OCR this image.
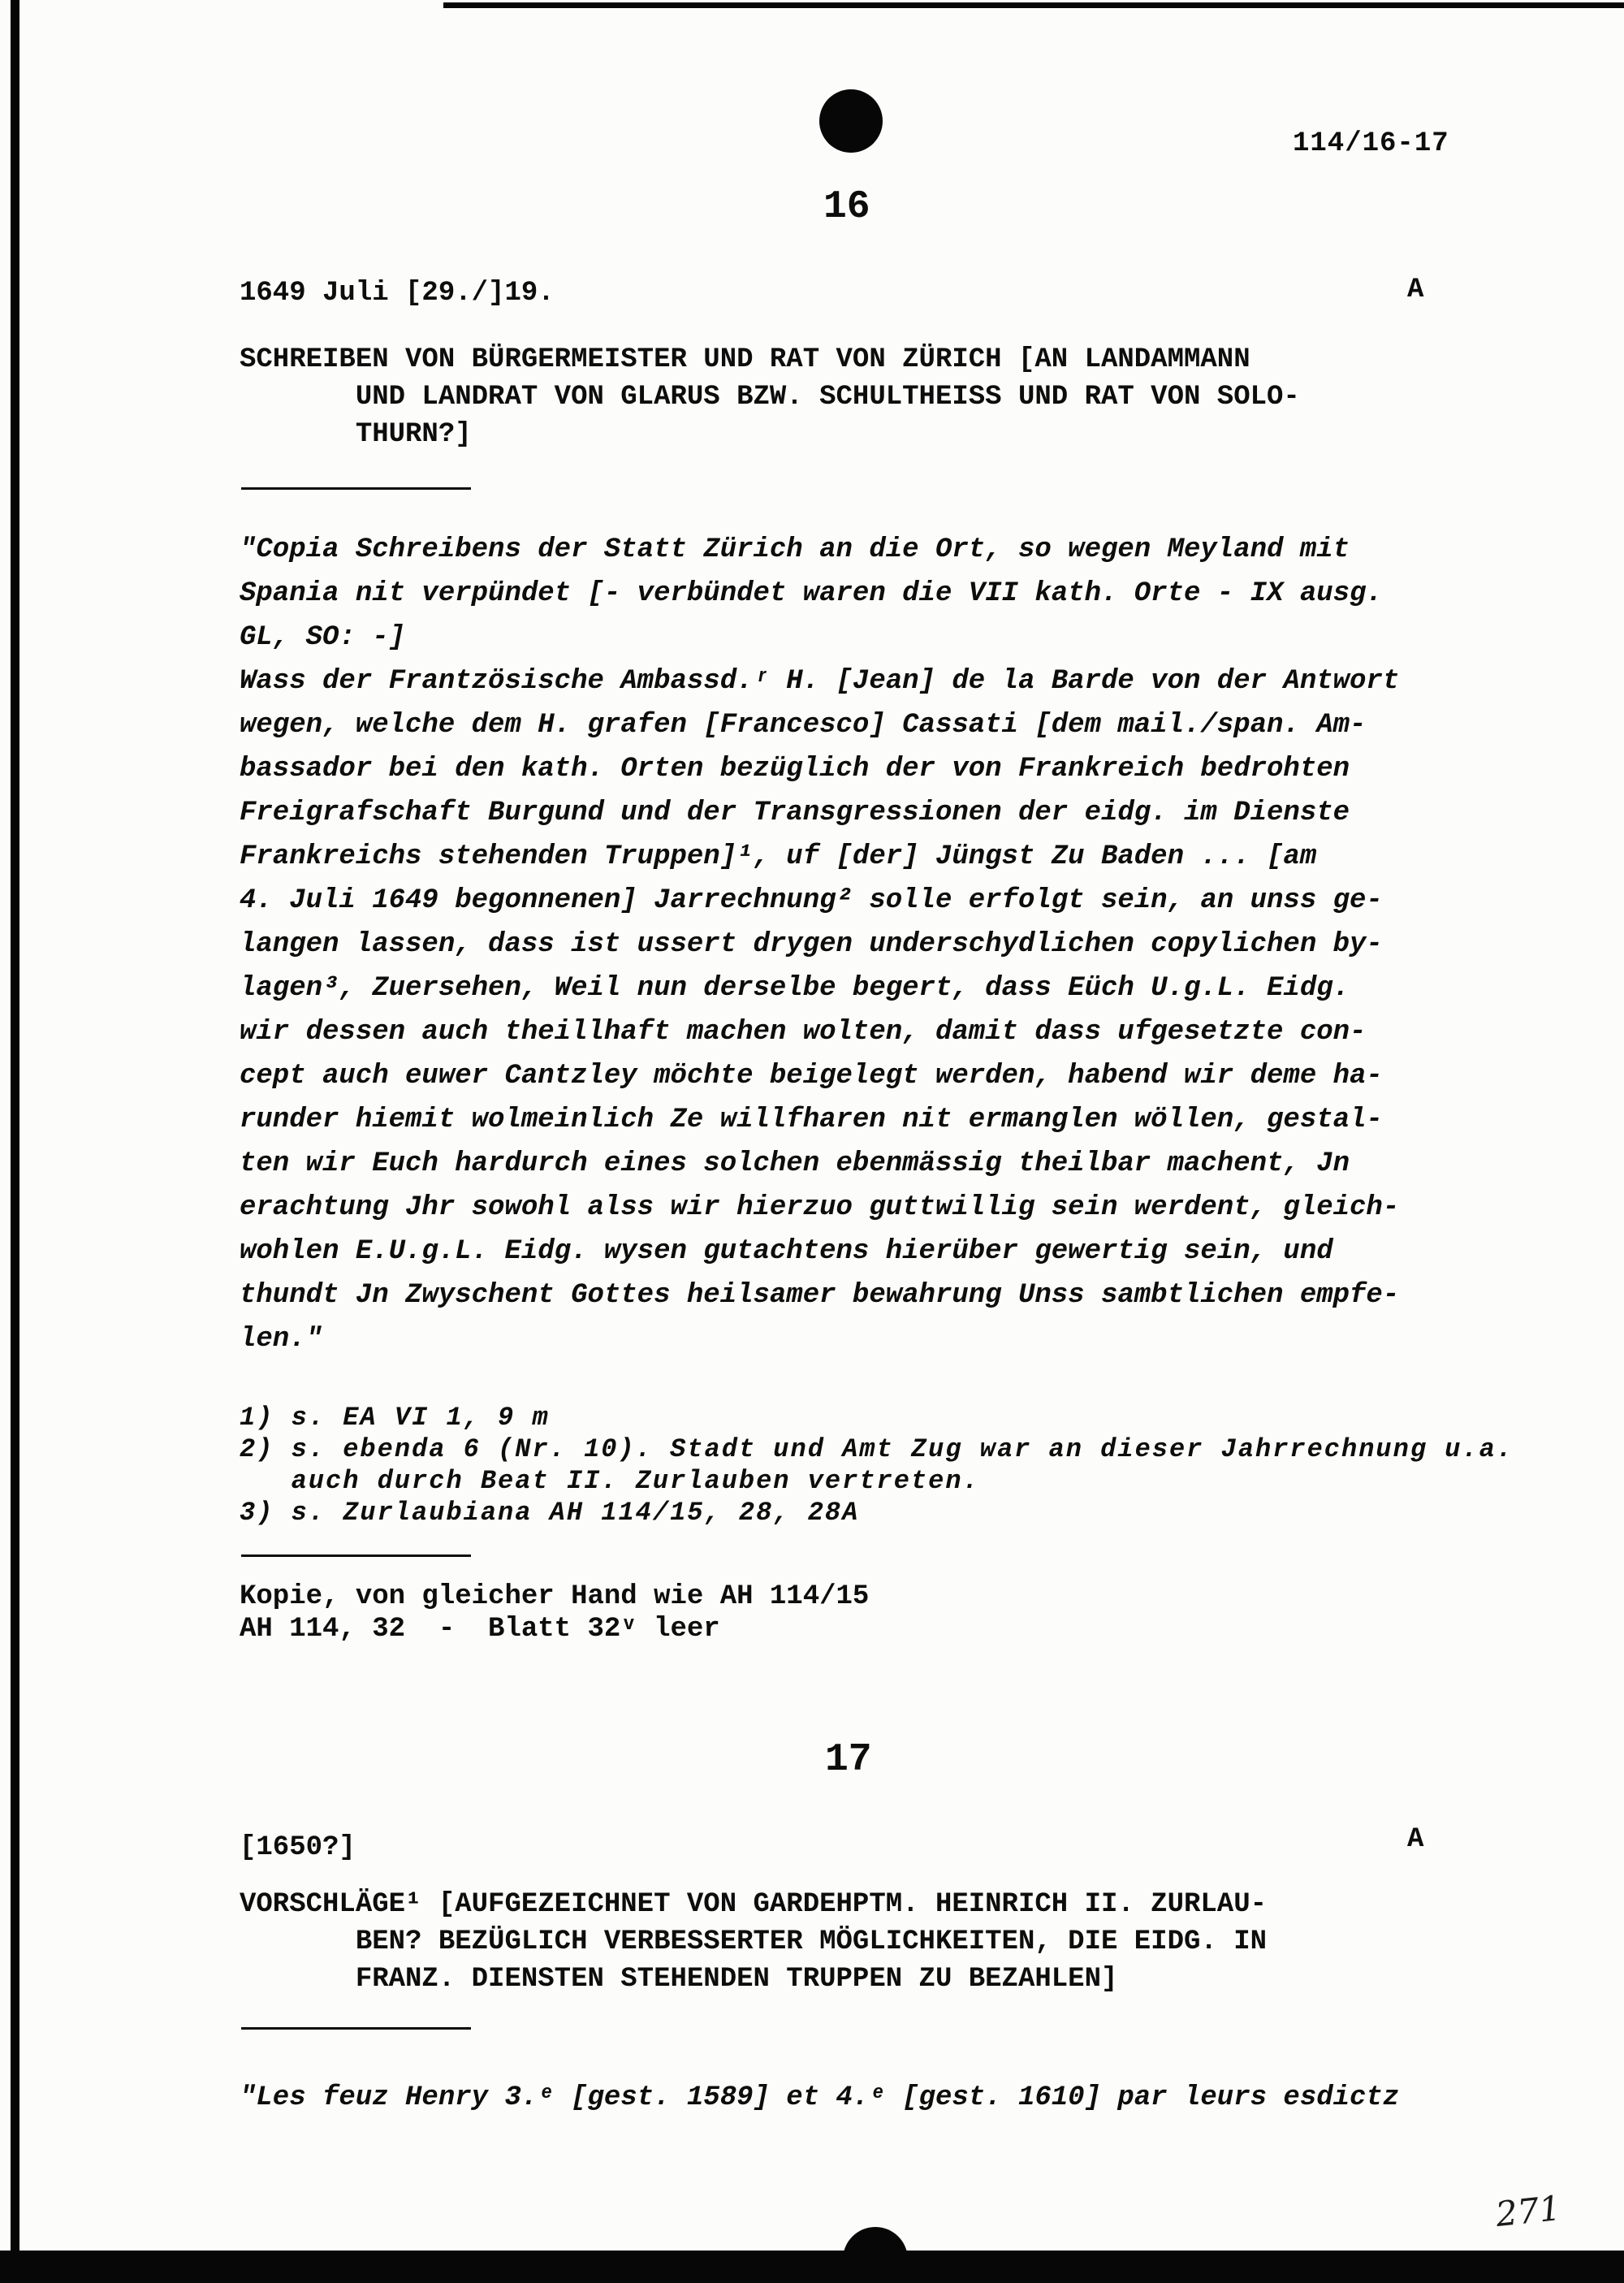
114/16-17
16
1649 Juli [29./]19.	A
SCHREIBEN VON BÜRGERMEISTER UND RAT VON ZÜRICH [AN LANDAMMANN
UND LANDRAT VON GLARUS BZW. SCHULTHEISS UND RAT VON SOLO-
THURN?]
"Copia Schreibens der Statt Zürich an die Ort, so wegen Meyland mit
Spania nit verpündet [- verbündet waren die VII kath. Orte - IX ausg.
GL, SO: -]
Wass der Frantzösische Ambassd.ʳ H. [Jean] de la Barde von der Antwort
wegen, welche dem H. grafen [Francesco] Cassati [dem mail./span. Am-
bassador bei den kath. Orten bezüglich der von Frankreich bedrohten
Freigrafschaft Burgund und der Transgressionen der eidg. im Dienste
Frankreichs stehenden Truppen]¹, uf [der] Jüngst Zu Baden ... [am
4. Juli 1649 begonnenen] Jarrechnung² solle erfolgt sein, an unss ge-
langen lassen, dass ist ussert drygen underschydlichen copylichen by-
lagen³, Zuersehen, Weil nun derselbe begert, dass Eüch U.g.L. Eidg.
wir dessen auch theillhaft machen wolten, damit dass ufgesetzte con-
cept auch euwer Cantzley möchte beigelegt werden, habend wir deme ha-
runder hiemit wolmeinlich Ze willfharen nit ermanglen wöllen, gestal-
ten wir Euch hardurch eines solchen ebenmässig theilbar machent, Jn
erachtung Jhr sowohl alss wir hierzuo guttwillig sein werdent, gleich-
wohlen E.U.g.L. Eidg. wysen gutachtens hierüber gewertig sein, und
thundt Jn Zwyschent Gottes heilsamer bewahrung Unss sambtlichen empfe-
len."
1) s. EA VI 1, 9 m
2) s. ebenda 6 (Nr. 10). Stadt und Amt Zug war an dieser Jahrrechnung u.a.
auch durch Beat II. Zurlauben vertreten.
3) s. Zurlaubiana AH 114/15, 28, 28A
Kopie, von gleicher Hand wie AH 114/15
AH 114, 32  -  Blatt 32ᵛ leer
17
[1650?]	A
VORSCHLÄGE¹ [AUFGEZEICHNET VON GARDEHPTM. HEINRICH II. ZURLAU-
BEN? BEZÜGLICH VERBESSERTER MÖGLICHKEITEN, DIE EIDG. IN
FRANZ. DIENSTEN STEHENDEN TRUPPEN ZU BEZAHLEN]
"Les feuz Henry 3.ᵉ [gest. 1589] et 4.ᵉ [gest. 1610] par leurs esdictz
271
